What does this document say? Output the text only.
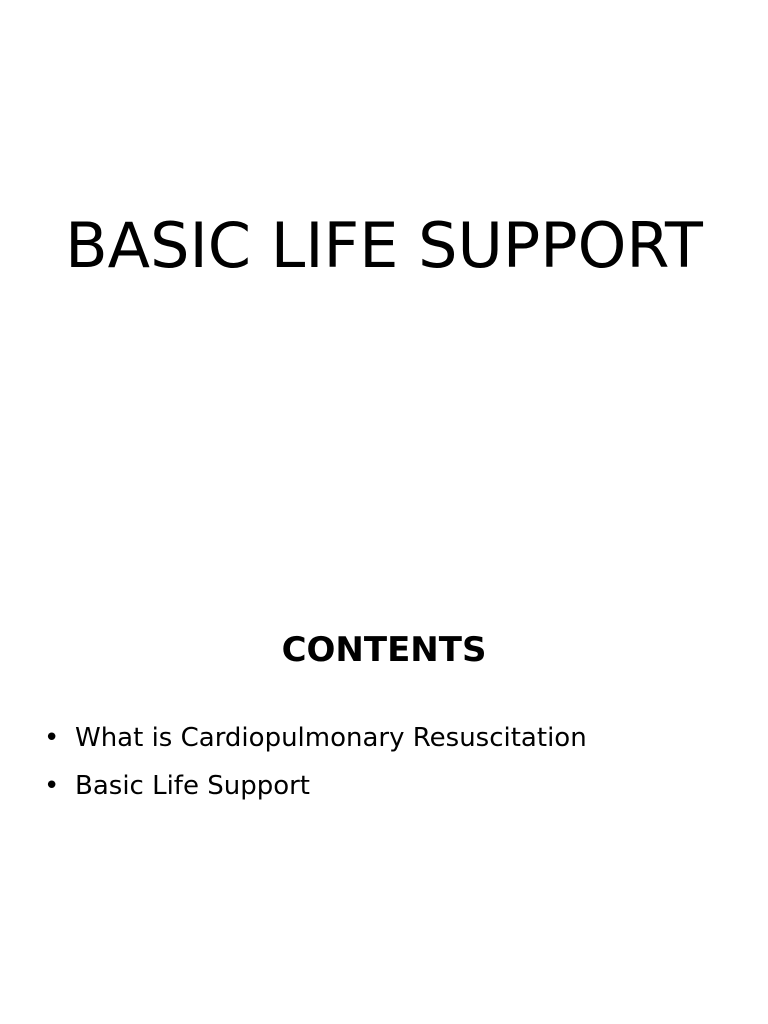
BASIC LIFE SUPPORT
CONTENTS
• What is Cardiopulmonary Resuscitation
• Basic Life Support
